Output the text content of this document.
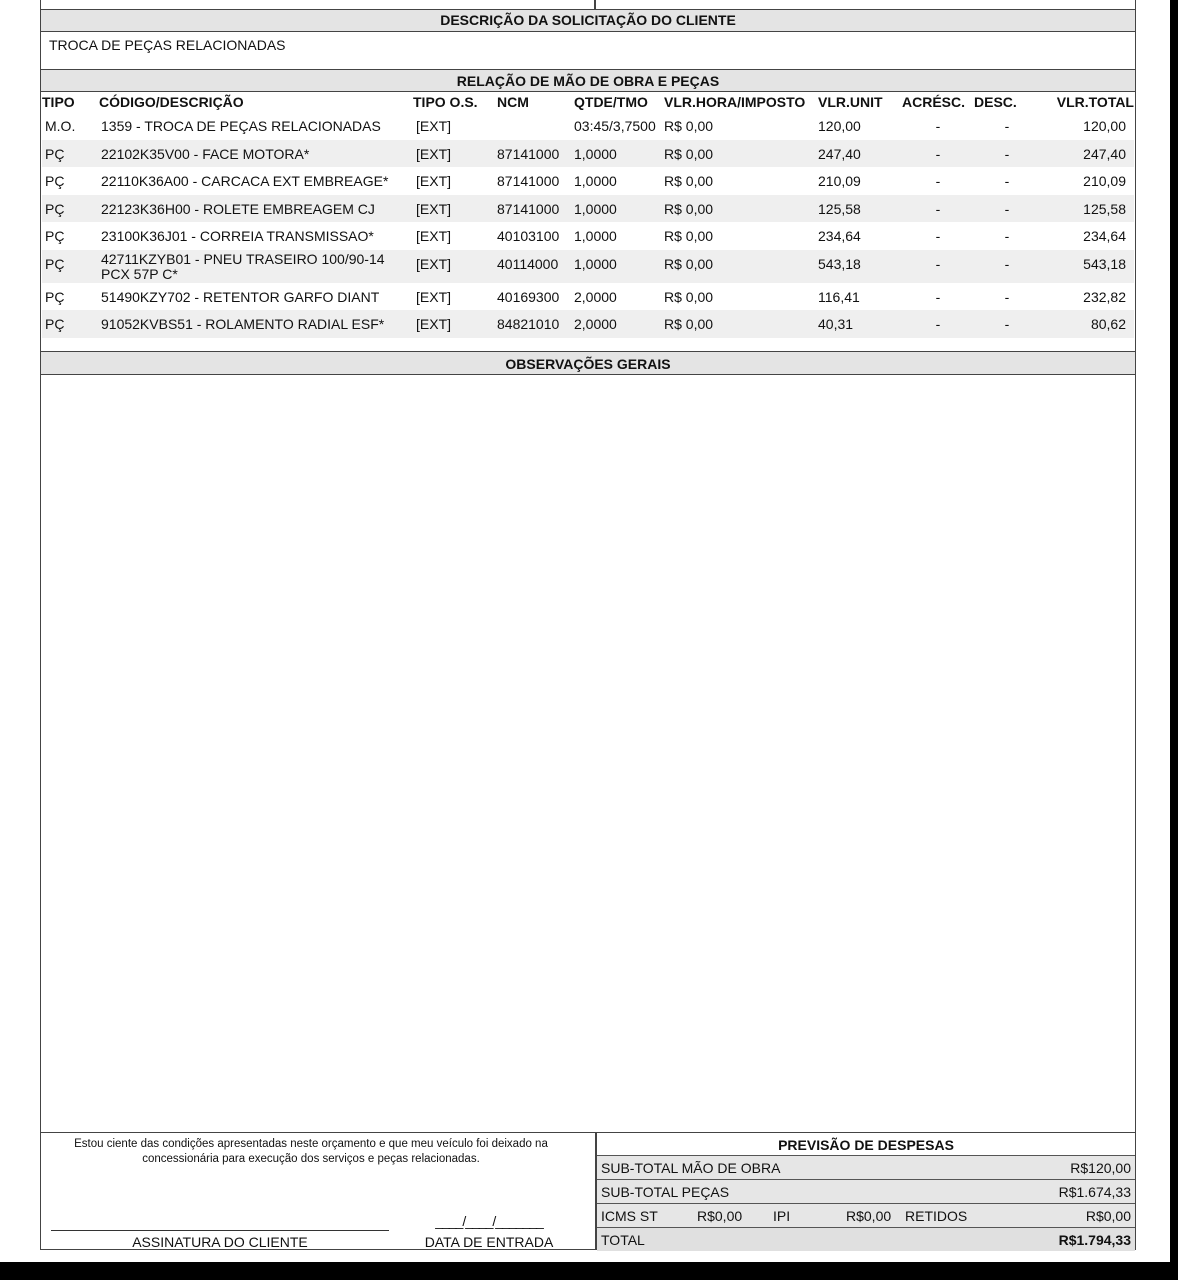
DESCRIÇÃO DA SOLICITAÇÃO DO CLIENTE
TROCA DE PEÇAS RELACIONADAS
RELAÇÃO DE MÃO DE OBRA E PEÇAS
TIPO	CÓDIGO/DESCRIÇÃO	TIPO O.S.	NCM	QTDE/TMO	VLR.HORA/IMPOSTO	VLR.UNIT	ACRÉSC.	DESC.	VLR.TOTAL
M.O.	1359 - TROCA DE PEÇAS RELACIONADAS	[EXT]		03:45/3,7500	R$ 0,00	120,00	-	-	120,00
PÇ	22102K35V00 - FACE MOTORA*	[EXT]	87141000	1,0000	R$ 0,00	247,40	-	-	247,40
PÇ	22110K36A00 - CARCACA EXT EMBREAGE*	[EXT]	87141000	1,0000	R$ 0,00	210,09	-	-	210,09
PÇ	22123K36H00 - ROLETE EMBREAGEM CJ	[EXT]	87141000	1,0000	R$ 0,00	125,58	-	-	125,58
PÇ	23100K36J01 - CORREIA TRANSMISSAO*	[EXT]	40103100	1,0000	R$ 0,00	234,64	-	-	234,64
PÇ	42711KZYB01 - PNEU TRASEIRO 100/90-14 PCX 57P C*	[EXT]	40114000	1,0000	R$ 0,00	543,18	-	-	543,18
PÇ	51490KZY702 - RETENTOR GARFO DIANT	[EXT]	40169300	2,0000	R$ 0,00	116,41	-	-	232,82
PÇ	91052KVBS51 - ROLAMENTO RADIAL ESF*	[EXT]	84821010	2,0000	R$ 0,00	40,31	-	-	80,62
OBSERVAÇÕES GERAIS
Estou ciente das condições apresentadas neste orçamento e que meu veículo foi deixado na concessionária para execução dos serviços e peças relacionadas.
ASSINATURA DO CLIENTE
____/____/_______
DATA DE ENTRADA
PREVISÃO DE DESPESAS
SUB-TOTAL MÃO DE OBRA	R$120,00
SUB-TOTAL PEÇAS	R$1.674,33
ICMS ST	R$0,00 IPI	R$0,00 RETIDOS	R$0,00
TOTAL	R$1.794,33
